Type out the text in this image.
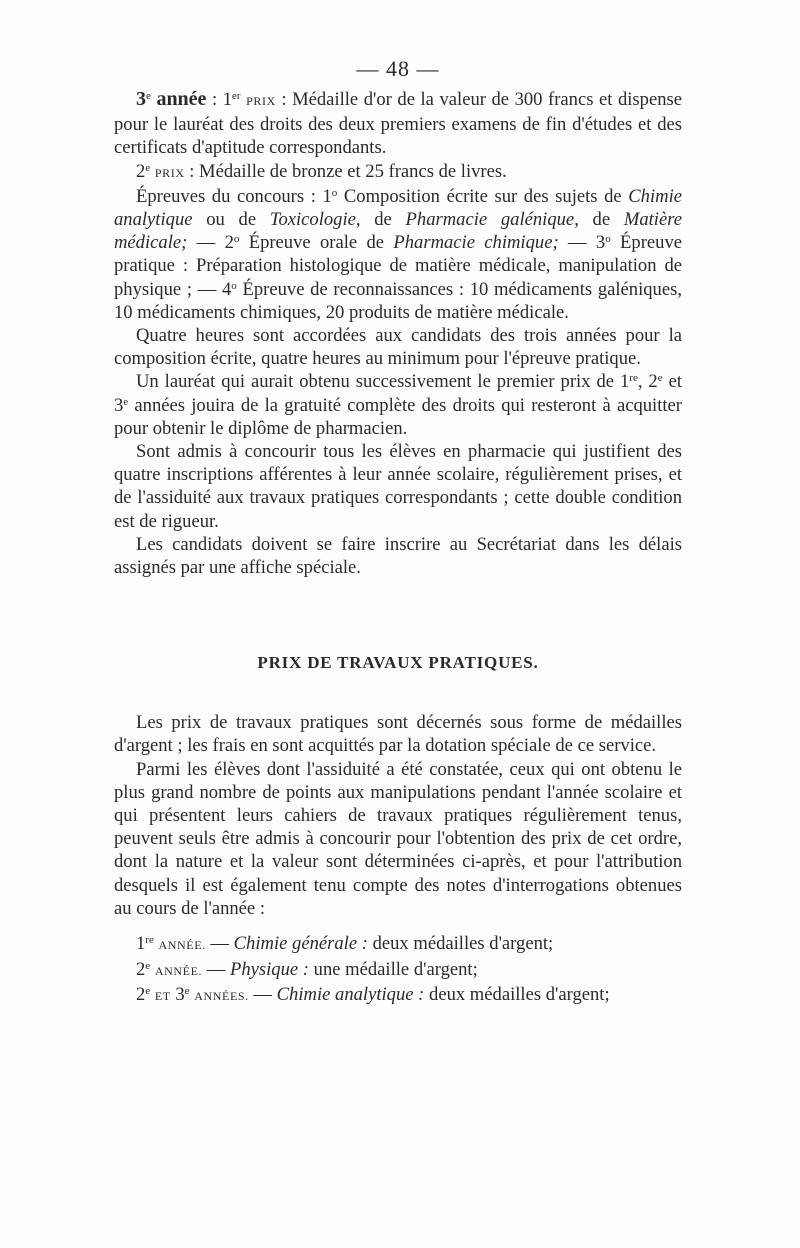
— 48 —

3e année : 1er PRIX : Médaille d'or de la valeur de 300 francs et dispense pour le lauréat des droits des deux premiers examens de fin d'études et des certificats d'aptitude correspondants.

2e PRIX : Médaille de bronze et 25 francs de livres.

Épreuves du concours : 1$^o$ Composition écrite sur des sujets de Chimie analytique ou de Toxicologie, de Pharmacie galénique, de Matière médicale; — 2$^o$ Épreuve orale de Pharmacie chimique; — 3$^o$ Épreuve pratique : Préparation histologique de matière médicale, manipulation de physique ; — 4$^o$ Épreuve de reconnaissances : 10 médicaments galéniques, 10 médicaments chimiques, 20 produits de matière médicale.

Quatre heures sont accordées aux candidats des trois années pour la composition écrite, quatre heures au minimum pour l'épreuve pratique.

Un lauréat qui aurait obtenu successivement le premier prix de 1re, 2e et 3e années jouira de la gratuité complète des droits qui resteront à acquitter pour obtenir le diplôme de pharmacien.

Sont admis à concourir tous les élèves en pharmacie qui justifient des quatre inscriptions afférentes à leur année scolaire, régulièrement prises, et de l'assiduité aux travaux pratiques correspondants ; cette double condition est de rigueur.

Les candidats doivent se faire inscrire au Secrétariat dans les délais assignés par une affiche spéciale.

PRIX DE TRAVAUX PRATIQUES.

Les prix de travaux pratiques sont décernés sous forme de médailles d'argent ; les frais en sont acquittés par la dotation spéciale de ce service.

Parmi les élèves dont l'assiduité a été constatée, ceux qui ont obtenu le plus grand nombre de points aux manipulations pendant l'année scolaire et qui présentent leurs cahiers de travaux pratiques régulièrement tenus, peuvent seuls être admis à concourir pour l'obtention des prix de cet ordre, dont la nature et la valeur sont déterminées ci-après, et pour l'attribution desquels il est également tenu compte des notes d'interrogations obtenues au cours de l'année :

1re ANNÉE. — Chimie générale : deux médailles d'argent;

2e ANNÉE. — Physique : une médaille d'argent;

2e ET 3e ANNÉES. — Chimie analytique : deux médailles d'argent;
